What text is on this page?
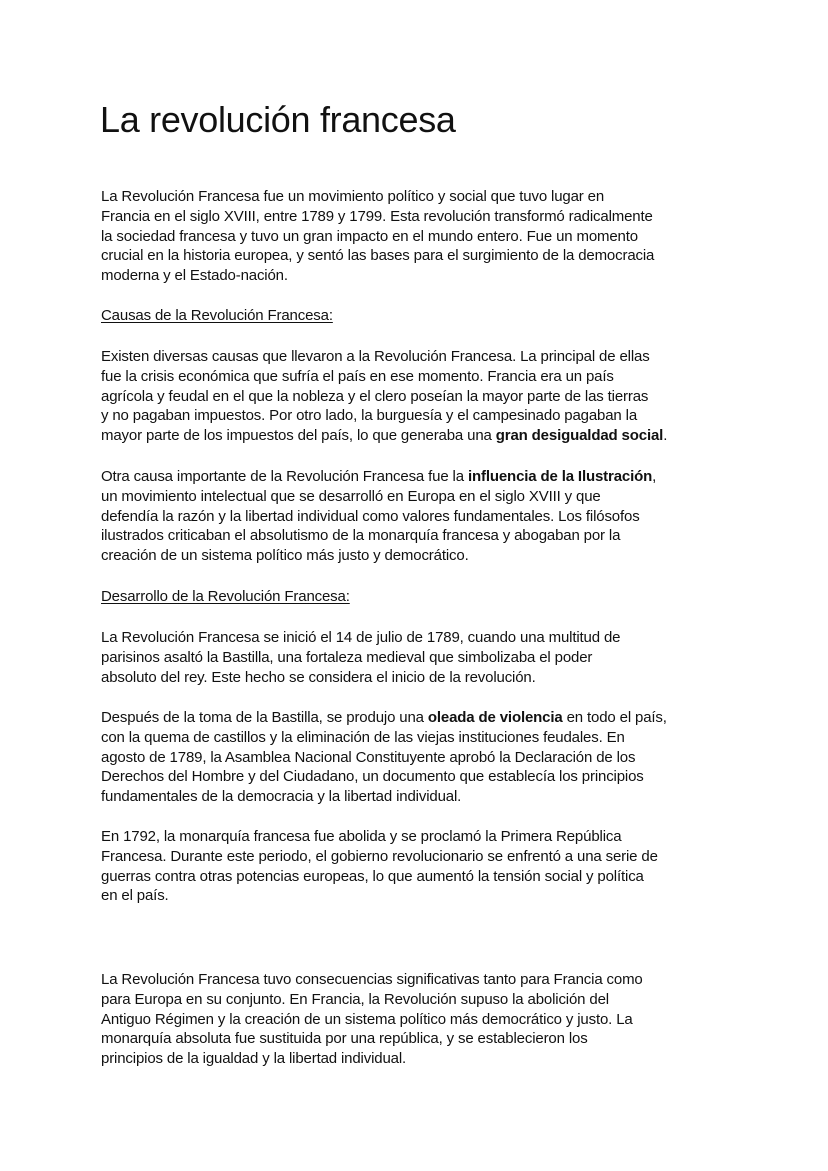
La revolución francesa
La Revolución Francesa fue un movimiento político y social que tuvo lugar en
Francia en el siglo XVIII, entre 1789 y 1799. Esta revolución transformó radicalmente
la sociedad francesa y tuvo un gran impacto en el mundo entero. Fue un momento
crucial en la historia europea, y sentó las bases para el surgimiento de la democracia
moderna y el Estado-nación.
Causas de la Revolución Francesa:
Existen diversas causas que llevaron a la Revolución Francesa. La principal de ellas
fue la crisis económica que sufría el país en ese momento. Francia era un país
agrícola y feudal en el que la nobleza y el clero poseían la mayor parte de las tierras
y no pagaban impuestos. Por otro lado, la burguesía y el campesinado pagaban la
mayor parte de los impuestos del país, lo que generaba una gran desigualdad social.
Otra causa importante de la Revolución Francesa fue la influencia de la Ilustración,
un movimiento intelectual que se desarrolló en Europa en el siglo XVIII y que
defendía la razón y la libertad individual como valores fundamentales. Los filósofos
ilustrados criticaban el absolutismo de la monarquía francesa y abogaban por la
creación de un sistema político más justo y democrático.
Desarrollo de la Revolución Francesa:
La Revolución Francesa se inició el 14 de julio de 1789, cuando una multitud de
parisinos asaltó la Bastilla, una fortaleza medieval que simbolizaba el poder
absoluto del rey. Este hecho se considera el inicio de la revolución.
Después de la toma de la Bastilla, se produjo una oleada de violencia en todo el país,
con la quema de castillos y la eliminación de las viejas instituciones feudales. En
agosto de 1789, la Asamblea Nacional Constituyente aprobó la Declaración de los
Derechos del Hombre y del Ciudadano, un documento que establecía los principios
fundamentales de la democracia y la libertad individual.
En 1792, la monarquía francesa fue abolida y se proclamó la Primera República
Francesa. Durante este periodo, el gobierno revolucionario se enfrentó a una serie de
guerras contra otras potencias europeas, lo que aumentó la tensión social y política
en el país.
La Revolución Francesa tuvo consecuencias significativas tanto para Francia como
para Europa en su conjunto. En Francia, la Revolución supuso la abolición del
Antiguo Régimen y la creación de un sistema político más democrático y justo. La
monarquía absoluta fue sustituida por una república, y se establecieron los
principios de la igualdad y la libertad individual.
